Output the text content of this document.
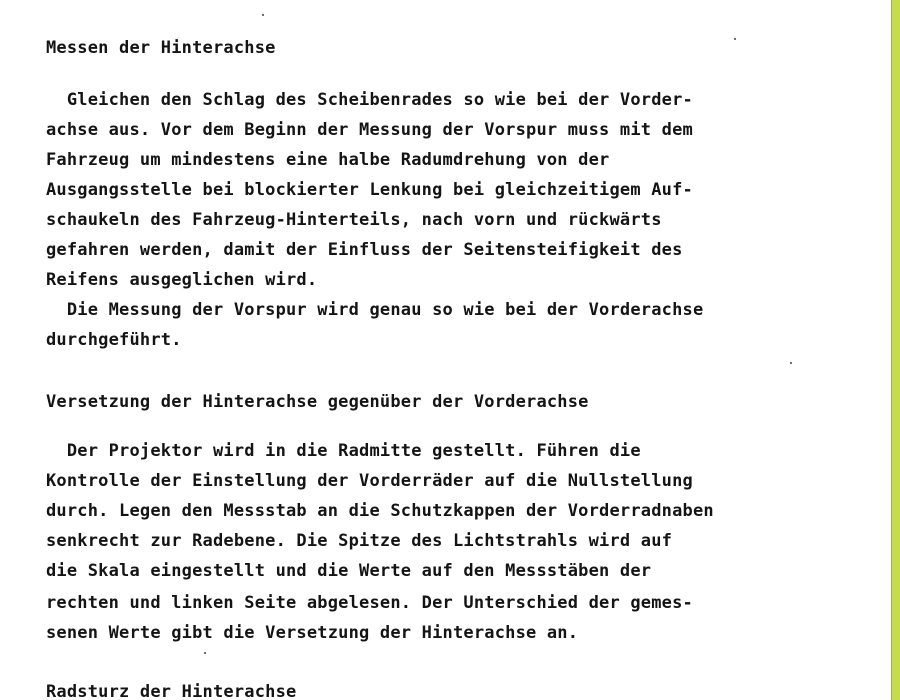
Messen der Hinterachse
Gleichen den Schlag des Scheibenrades so wie bei der Vorder-
achse aus. Vor dem Beginn der Messung der Vorspur muss mit dem
Fahrzeug um mindestens eine halbe Radumdrehung von der
Ausgangsstelle bei blockierter Lenkung bei gleichzeitigem Auf-
schaukeln des Fahrzeug-Hinterteils, nach vorn und rückwärts
gefahren werden, damit der Einfluss der Seitensteifigkeit des
Reifens ausgeglichen wird.
Die Messung der Vorspur wird genau so wie bei der Vorderachse
durchgeführt.
Versetzung der Hinterachse gegenüber der Vorderachse
Der Projektor wird in die Radmitte gestellt. Führen die
Kontrolle der Einstellung der Vorderräder auf die Nullstellung
durch. Legen den Messstab an die Schutzkappen der Vorderradnaben
senkrecht zur Radebene. Die Spitze des Lichtstrahls wird auf
die Skala eingestellt und die Werte auf den Messstäben der
rechten und linken Seite abgelesen. Der Unterschied der gemes-
senen Werte gibt die Versetzung der Hinterachse an.
Radsturz der Hinterachse
